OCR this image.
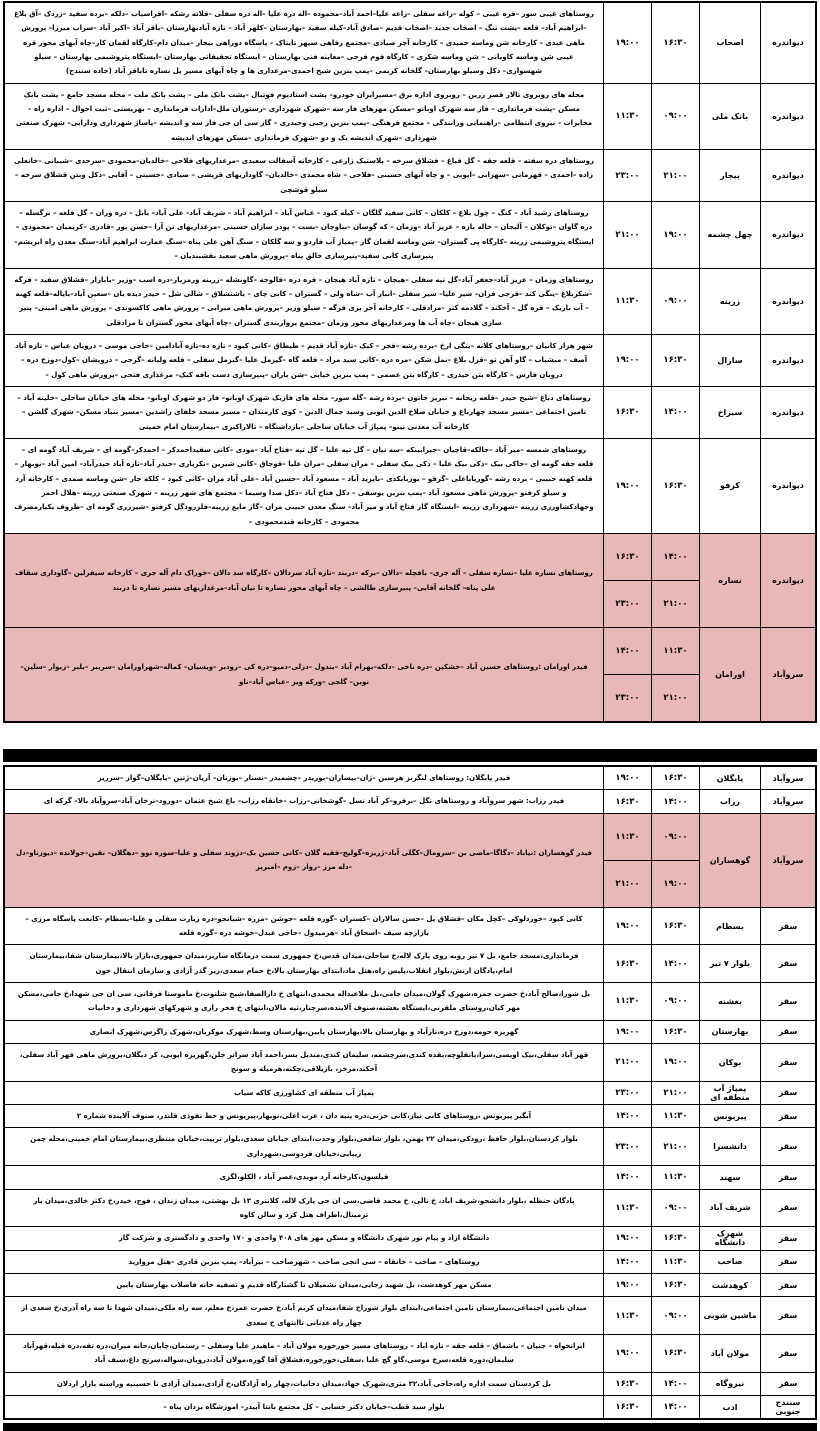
دیواندره	اصحاب	۱۶:۳۰	۱۹:۰۰	روستاهای غیبی سور –قره غیبی – کوله –زاغه سفلی –زاغه علیا–احمد آباد–محموده –اله دره علیا –اله دره سفلی –قلاته رشکه –افراسیاب –دلکه –برده سفید –زردک –آق بلاغ –ابراهیم آباد– قلعه –پشت تنگ – اصحاب جدید –اصحاب قدیم –صادق آباد–کیله سفید –بهارستان –کلهر آباد – تازه آبادبهارستان –باقر آباد –اکبر آباد –سراب میرزا– پرورش ماهی عبدی – کارخانه شن وماسه حمیدی – کارخانه آجر صیادی –مجتمع رفاهی سپهر تایتاک – پاسگاه دوراهی بیجار –میدان دام–کارگاه لقمان کار–چاه آبهای محور قره غیبی شن وماسه کاویانی – شن وماسه شکری – کارگاه قوم فرجی –معاینه فنی بهارستان – ایستگاه تحقیقاتی بهارستان –ایستگاه پتروشیمی بهارستان – سیلو شهسواری– دکل وسیلو بهارستان– گلخانه کریمی –پمپ بنزین شیخ احمدی–مرغداری ها و چاه آبهای مسیر پل نساره تاباقر آباد (جاده سنندج)
دیواندره	بانک ملی	۰۹:۰۰	۱۱:۳۰	محله های روبروی تالار قصر زرین – روبروی اداره برق –مسیرایران خودرو– پشت استادیوم فوتبال –پشت بانک ملی – پشت بانک ملت – محله مسجد جامع – پشت بانک مسکن –پشت فرمانداری – فاز سه شهرک اوبانو –مسکن مهرهای فاز سه –شهرک شهرداری –رستوران ملل–ادارات فرمانداری – بهزیستی –ثبت احوال – اداره راه – مخابرات – نیروی انتظامی –راهنمایی ورانندگی – مجتمع فرهنگی –پمپ بنزین رجبی وحیدری – گاز سی ان جی فاز سه و اندیشه –پاساژ شهرداری ودارایی– شهرک صنعتی شهرداری –شهرک اندیشه یک و دو –شهرک فرمانداری –مسکن مهرهای اندیشه
دیواندره	بیجار	۲۱:۰۰	۲۳:۰۰	روستاهای دره سفته – قلعه جقه – گل قباغ – قشلاق سرخه – پلاستیک زارعی – کارخانه آسفالت سعیدی –مرغداریهای فلاحی –خالدیان–محمودی –سرحدی –شیبانی –خانعلی زاده –احمدی – قهرمانی –سهرابی –ایوبی – و چاه آبهای حسینی –فلاحی – شاه محمدی –خالدیان– گاوداریهای قریشی – صیادی –حسینی – آقایی –دکل وبتن قشلاق سرخه –سیلو قوشچی
دیواندره	چهل چشمه	۱۹:۰۰	۲۱:۰۰	روستاهای رشید آباد – کنگ – چول بلاغ – کلکان – کانی سفید گلگان – کیله کبود – عباس آباد – ابراهیم آباد – شریف آباد– علی آباد– بابل – دره وران – گل قلعه – نرگسله –دره گاوان –توکلان – آلیجان – خاله بازه – عزیز آباد –وزمان – که گوسان –بناوچان –بست – پودر سازان حسینی –مرغداریهای تن آرا –حسن پور –قادری –کریمیان –محمودی –ایستگاه پتروشیمی زرینه –کارگاه پی گستران– شن وماسه لقمان گاز –پمپاژ آب فاردو و سه گلکان – سنگ آهن علی پناه –سنگ عمارت ابراهیم آباد–سنگ معدن راه ابریشم–پنیرسازی کانی سفید–پنیرسازی خالق پناه –پرورش ماهی سعید نقشبندیان –
دیواندره	زرینه	۰۹:۰۰	۱۱:۳۰	روستاهای وزمان – عزیز آباد–جعفر آباد–گل تپه سفلی –هیجان – تازه آباد هیجان – قره دره –قالوجه –گاونشله –زرینه ورمزیار–دره اسب –وزیر –بابارار –قشلاق سفید – قرگه –شکربلاغ –ینگی کند –قرجی قران– سیر علیا– سیر سفلی –انبار آب –شاه ولی – گستران – کانی چای – باشنشلاق – شالی شل – حیدر دیده بان –سعین آباد–بایاله–قلعه کهنه – آب باریک – قره گل – آخکند – گلادمه کتر –مرادقلی – کارخانه آجر بری قرگه – سیلو وزیر –پرورش ماهی میرابی – پرورش ماهی کاکسوندی – پرورش ماهی امینی– پنیر سازی هیجان –چاه آب ها ومرغداریهای محور وزمان –مجتمع پرواربندی گستران –چاه آبهای محور گستران تا مرادقلی
دیواندره	سارال	۱۶:۳۰	۱۹:۰۰	شهر هزار کانیان –روستاهای کلانه –ینگی ارخ –برده رشه –فجر – کیک –تازه آباد قدیم – طیطاق –کانی کبود – تازه ده–تازه آبادامین –حاجی موسی – درویان عباس – تازه آباد آصف – میشیاب – گاو آهن تو –قزل بلاغ –نمل شکن –مره دره –کانی سید مراد – قلعه گاه –گیزمل علیا –گیزمل سفلی – قلعه ولیانه –گرجی – درویشان –کول–دوزخ دره – درویان فارس – کارگاه بتن حیدری – کارگاه بتن عصمی – پمپ بنزین خیابی –شن باران –پنیرسازی دست بافه کیک– مرغداری فتحی –پرورش ماهی کول –
دیواندره	سیزاخ	۱۴:۰۰	۱۶:۳۰	روستاهای دباغ –شیخ حیدر –قلعه ریحانه – تبریز خاتون –برده رشه –گله سور– محله های فازیک شهرک اوبانو– فاز دو شهرک اوبانو– محله های خیابان ساحلی –خلینه آباد –تامین اجتماعی –مسیر مسجد چهارباغ و خیابان صلاح الدین ایوبی وسید جمال الدین – کوی کارمندان – مسیر مسجد خلفای راشدین –مسیر بنیاد مسکن– شهرک گلشن –کارخانه آب معدنی تینو– پمپاژ آب خیابان ساحلی –بازداشتگاه – تالاراکبری –بیمارستان امام خمینی
دیواندره	کرفو	۱۶:۳۰	۱۹:۰۰	روستاهای شمسه –میر آباد –جالکه–قاچیان –جبرابینکه –سه نیان – گل تپه علیا – گل تپه –فتاح آباد –مودی –کانی سفیداحمدکر – احمدکر–گومه ای – شریف آباد گومه ای – قلعه جقه گومه ای –خاکی بیک –ذکی بیک علیا – ذکی بیک سفلی – مران سفلی –مران علیا –قوجاق –کانی شیرین –تکریاری –حیدر آباد–تازه آباد حیدرآباد– امین آباد –نوبهار – قلعه کهنه حبیبی – برده رشه –گورباباعلی –گرقو – بوزبانکدی –بایزید آباد – مسعود آباد –حسین آباد –علی آباد مران –کانی کبود – کلکه جار –شن وماسه صمدی – کارخانه آرد و سیلو کرفتو –پرورش ماهی مسعود آباد –پمپ بنزین یوسفی – دکل فتاح آباد –دکل صدا وسیما – مجتمع های شهر زرینه – شهرک صنعتی زرینه –هلال احمر وجهادکشاورزی زرینه –شهرداری زرینه –ایستگاه گاز فتاح آباد و میر آباد– سنگ معدن حبیبی مران –گاز مایع زرینه–فلزرودگل کرفتو –شیرزری گومه ای –ظروف یکبارمصرف محمودی – کارخانه قندمحمودی –
دیواندره	نساره	۱۴:۰۰	۱۶:۳۰	روستاهای نساره علیا –نساره سفلی – آله جری– بافچله –دالان –برکه –دربند –تازه آباد سردالان –کارگاه سد دالان –خوراک دام آله جری – کارخانه سیفرلین –گاوداری سقاف علی پناه– گلخانه آقایی– پنیرسازی طالشی – چاه آبهای محور نساره تا نیان آباد–مرغداریهای مسیر نساره تا دربند
		۲۱:۰۰	۲۳:۰۰	
سروآباد	اورامان	۱۱:۳۰	۱۴:۰۰	فیدر اورامان :روستاهای حسین آباد –خشکین –دره ناخی –دلکه–بهرام آباد –بندول –دزلی–دمیو–دره کی –رودبر –ویسیان– کماله–شهراورامان –سریبر –بلبر –زیوار –سلین–نوین– گلجی –ورکه ویر –عباس آباد–ناو
		۲۱:۰۰	۲۳:۰۰	
سروآباد	پایگلان	۱۶:۳۰	۱۹:۰۰	فیدر پایگلان: روستاهای لنگریز هرسین –ژان–بیساران–بوریدر –چشمیدر –نسنار –بوزنان– آریان–ژنین –پایگلان–گواز –سرریز
سروآباد	رزاب	۱۴:۰۰	۱۶:۳۰	فیدر رزاب: شهر سروآباد و روستاهای نگل –برقرو–کر آباد نسل –گوشخانی–رزاب –خانقاه رزاب– باغ شیخ عثمان –دورود–نرخان آباد–سروآباد بالا– گرکه ای
سروآباد	گوهساران	۰۹:۰۰	۱۱:۳۰	فیدر گوهساران :نیاباد –دگاگا–ماضی بن –سرومال–کگلی آباد–ژریزه–گولیج–فقیه گلان –کانی حسین بک–دزوند سفلی و علیا–سوره نوو –دهگلان– نقین–جولانده –دیوزناو–دل –دله مرز –روار –زوم –امیریز
		۱۹:۰۰	۲۱:۰۰	
سقز	بسطام	۱۶:۳۰	۱۹:۰۰	کانی کبود –خوردلوکی –کچل مکان –قشلاق پل –حسن سالاران –کسنزان –گوره قلعه –جوشن –مزره –شیانجو–دره زیارت سفلی و علیا–بسطام –کانعت پاسگاه مرزی – بازارچه سیف –اسحاق آباد –هرمیدول –حاجی عبدل–خوشه دره –گوره قلعه
سقز	بلوار ۷ تیر	۱۴:۰۰	۱۶:۳۰	فرمانداری،مسجد جامع، بل ۷ تیر روبه روی پارک لاله،خ ساحلی،میدان قدس،خ جمهوری سمت درمانگاه ساریز،میدان جمهوری،بازار بالا،بیمارستان شفا،بیمارستان امام،پادگان ارتش،بلوار انقلاب،پلیس راه،هتل ماد،ابتدای بهارستان بالا،خ حمام سعدی،زیر گذر آزادی و سازمان انتقال خون
سقز	بغشنه	۰۹:۰۰	۱۱:۳۰	بل شورا،صالح آباد،خ حضرت حمزه،شهرک گولان،میدان جامی،بل ملاعبداله محمدی،انتهای خ دارالصفا،شیخ شلتوت،خ ماموستا فرقانی، سی ان جی شهدا،خ جامی،مسکن مهر کیان،روستای ملقرنی،ایستگاه بغشنه،صنوف آلاینده،سرچنار،تپه مالان،انتهای خ فخر رازی و شهرکهای شهرداری و دخانیات
سقز	بهارستان	۱۶:۳۰	۱۹:۰۰	گهریزه حومه،دوزخ دره،تازآباد و بهارستان بالا،بهارستان پایین،بهارستان وسط،شهرک موکریان،شهرک زاگرس،شهرک انصاری
سقز	بوکان	۱۹:۰۰	۲۱:۰۰	قهر آباد سفلی،بیک اویسی،سرا،بانقلوچه،بقده کندی،سرچشمه، سلیمان کندی،مندیل بسر،احمد آباد سراتر جلن،گهریزه ایوبی، کر دیگلان،پرورش ماهی قهر آباد سفلی، آخکند،مرخز، بازیلاقی،چکنه،هرمیله و سونج
سقز	پمپاژ آب منطقه ای	۲۱:۰۰	۲۳:۰۰	پمپاژ آب منطقه ای کشاورزی کاکه سیاب
سقز	پیریونس	۱۱:۳۰	۱۴:۰۰	آبگیر پیریونس ،روستاهای کانی نیاز،کانی حزنی،دره پنبه دان ، عرب اغلی،نوبهار،پیریونس و خط نفوذی قلندر، صنوف آلاینده شماره ۲
سقز	دانشسرا	۲۱:۰۰	۲۳:۰۰	بلوار کردستان،بلوار حافظ ،رودکی،میدان ۲۲ بهمن، بلوار شافعی،بلوار وحدت،ابتدای خیابان سعدی،بلوار تربیت،خیابان منتظری،بیمارستان امام خمینی،محله چمن زیبایی،خیابان فردوسی،شهرداری
سقز	سهند	۱۱:۳۰	۱۴:۰۰	قیلسون،کارخانه آرد مویدی،عصر آباد ، الکلو،لگزی
سقز	شریف آباد	۰۹:۰۰	۱۱:۳۰	پادگان حنظله ،بلوار دانشجو،شریف اباد، خ نالی، خ محمد قاضی،سی ان جی پارک لاله، کلانتری ۱۳ بل بهشتی، میدان زندان ، فوج، خیدر،خ دکتر خالدی،میدان بار ترمینال،اطراف هتل کرد و سالن کاوه
سقز	شهرک دانشگاه	۱۶:۳۰	۱۹:۰۰	دانشگاه ازاد و پیام نور شهرک دانشگاه و مسکن مهر های ۴۰۸ واحدی و ۱۷۰ واحدی و دادگستری و شرکت گاز
سقز	صاحب	۱۱:۳۰	۱۴:۰۰	روستاهای – صاحب – خانقاه – سی انجی صاحب – شهرصاحب – تیرآباد– پمپ بنزین قادری –هتل مروارید
سقز	کوهدشت	۱۶:۳۰	۱۹:۰۰	مسکن مهر کوهدشت، بل شهید رجایی،میدان نشمیلان تا گشتارگاه قدیم و تصفیه خانه فاضلاب بهارستان پایین
سقز	ماشین شویی	۰۹:۰۰	۱۱:۳۰	میدان تامین اجتماعی،بیمارستان تامین اجتماعی،ابتدای بلوار شوراخ شفا،میدان کریم آباد،خ حضرت عمر،خ معلم، سه راه ملکی،میدان شهدا تا سه راه آذری،خ سعدی از چهار راه عدنانی تاانتهای خ سعدی
سقز	مولان آباد	۱۶:۳۰	۱۹:۰۰	ایرانخواه – جنیان – باشماق – قلعه جقه – تازه اباد – روستاهای مسیر خورخوره مولان آباد – ماهیدر علیا وسفلی – رستمان،چاپان،حانه میران،دره تفه،دره قبله،قهرآباد سلیمان،دوره قلعه،سرخ موسی،گاو گچ علیا ،سفلی،خورخوره،قشلاق آقا گوره،مولان آباد،درویان،سواله،سرنج داغ،سیف آباد
سقز	نیروگاه	۱۴:۰۰	۱۶:۳۰	بل کردستان سمت اداره راه،حاجی آباد،۳۲ متری،شهرک جهاد،میدان دخانیات،چهار راه آزادگان،خ آزادی،میدان آزادی تا حسینیه وراسته بازار اردلان
سنندج جنوبی	ادب	۱۴:۰۰	۱۶:۳۰	بلوار سید قطب–خیابان دکتر حسابی – کل مجتمع بانتا آبیدر– اموزشگاه یزدان پناه –
